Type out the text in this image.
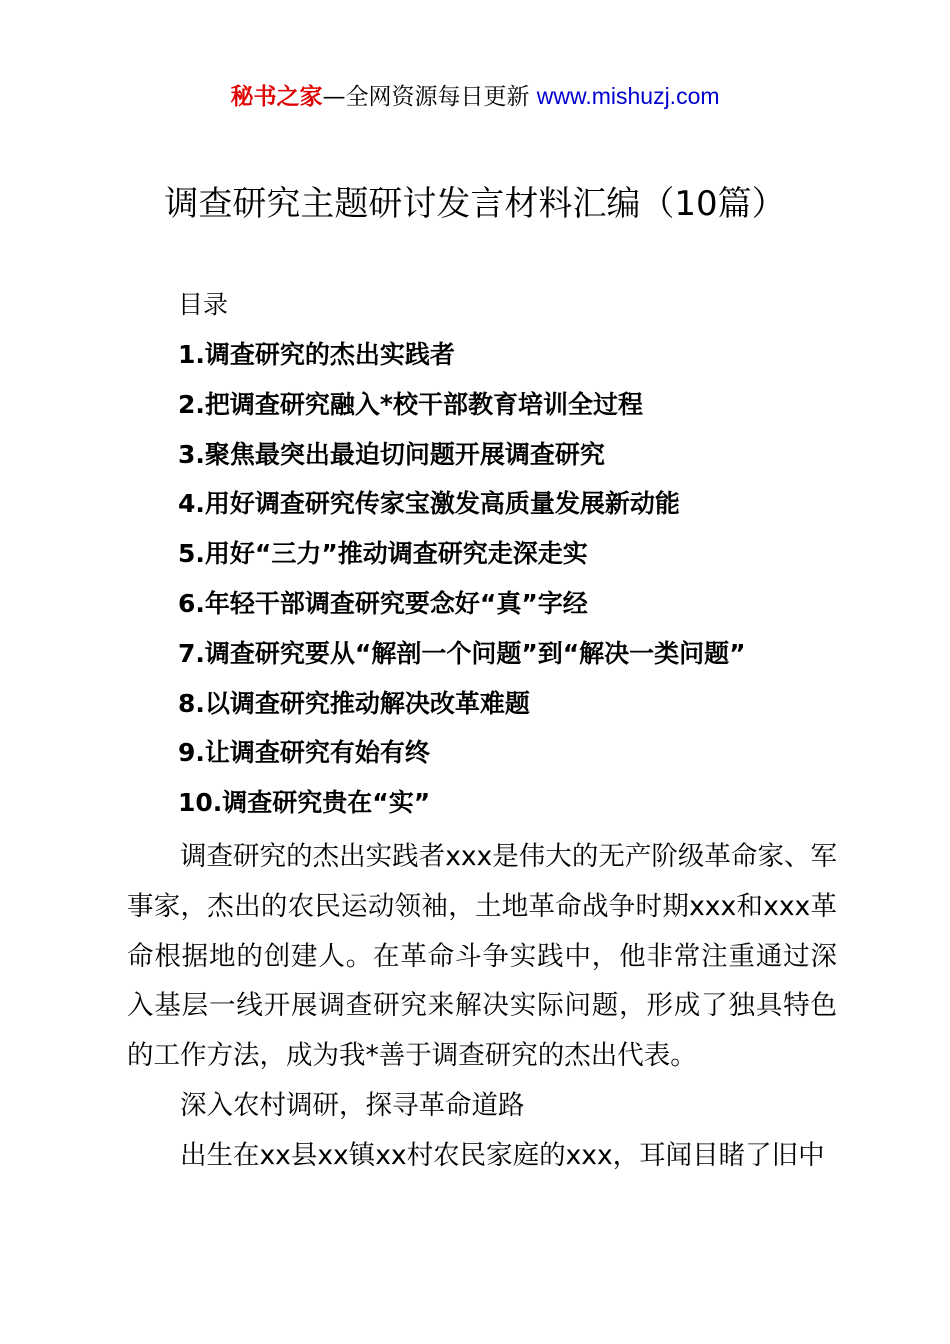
秘书之家—全网资源每日更新 www.mishuzj.com
调查研究主题研讨发言材料汇编（10篇）
目录
1.调查研究的杰出实践者
2.把调查研究融入*校干部教育培训全过程
3.聚焦最突出最迫切问题开展调查研究
4.用好调查研究传家宝激发高质量发展新动能
5.用好“三力”推动调查研究走深走实
6.年轻干部调查研究要念好“真”字经
7.调查研究要从“解剖一个问题”到“解决一类问题”
8.以调查研究推动解决改革难题
9.让调查研究有始有终
10.调查研究贵在“实”

调查研究的杰出实践者xxx是伟大的无产阶级革命家、军事家，杰出的农民运动领袖，土地革命战争时期xxx和xxx革命根据地的创建人。在革命斗争实践中，他非常注重通过深入基层一线开展调查研究来解决实际问题，形成了独具特色的工作方法，成为我*善于调查研究的杰出代表。

深入农村调研，探寻革命道路

出生在xx县xx镇xx村农民家庭的xxx，耳闻目睹了旧中
